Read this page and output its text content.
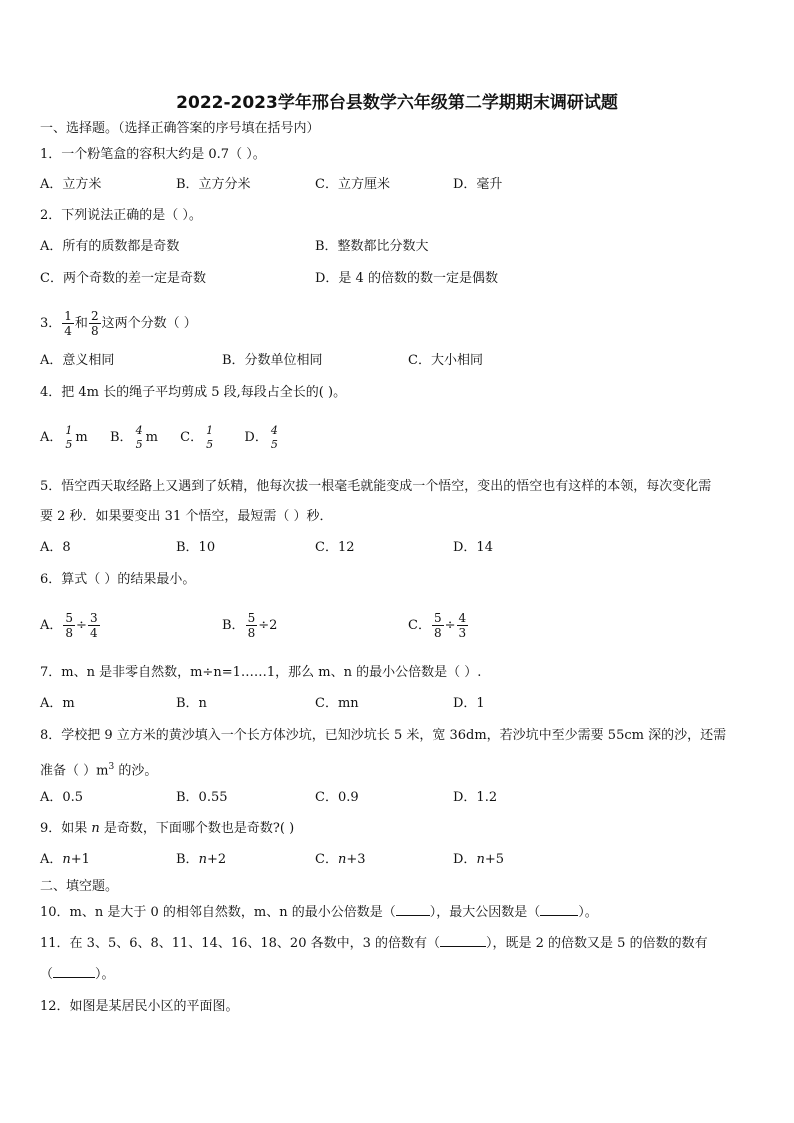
2022-2023学年邢台县数学六年级第二学期期末调研试题
一、选择题。（选择正确答案的序号填在括号内）
1．一个粉笔盒的容积大约是 0.7（ ）。
A．立方米	B．立方分米	C．立方厘米	D．毫升
2．下列说法正确的是（ ）。
A．所有的质数都是奇数	B．整数都比分数大
C．两个奇数的差一定是奇数	D．是 4 的倍数的数一定是偶数
3． $\frac{1}{4}$ 和 $\frac{2}{8}$ 这两个分数（ ）
A．意义相同	B．分数单位相同	C．大小相同
4．把 4m 长的绳子平均剪成 5 段,每段占全长的( )。
A． 1
5 m B． 4
5 m C． 1
5 D． 4
5
5．悟空西天取经路上又遇到了妖精，他每次拔一根毫毛就能变成一个悟空，变出的悟空也有这样的本领，每次变化需
要 2 秒．如果要变出 31 个悟空，最短需（ ）秒．
A．8	B．10	C．12	D．14
6．算式（ ）的结果最小。
A． $\frac{5}{8} \div \frac{3}{4}$	B． $\frac{5}{8} \div 2$	C． $\frac{5}{8} \div \frac{4}{3}$
7．m、n 是非零自然数，m÷n=1……1，那么 m、n 的最小公倍数是（ ）.
A．m	B．n	C．mn	D．1
8．学校把 9 立方米的黄沙填入一个长方体沙坑，已知沙坑长 5 米，宽 36dm，若沙坑中至少需要 55cm 深的沙，还需
准备（ ）$m^3$ 的沙。
A．0.5	B．0.55	C．0.9	D．1.2
9．如果 n 是奇数，下面哪个数也是奇数?( )
A．n+1	B．n+2	C．n+3	D．n+5
二、填空题。
10．m、n 是大于 0 的相邻自然数，m、n 的最小公倍数是（	），最大公因数是（	）。
11．在 3、5、6、8、11、14、16、18、20 各数中，3 的倍数有（	），既是 2 的倍数又是 5 的倍数的数有
（	）。
12．如图是某居民小区的平面图。
